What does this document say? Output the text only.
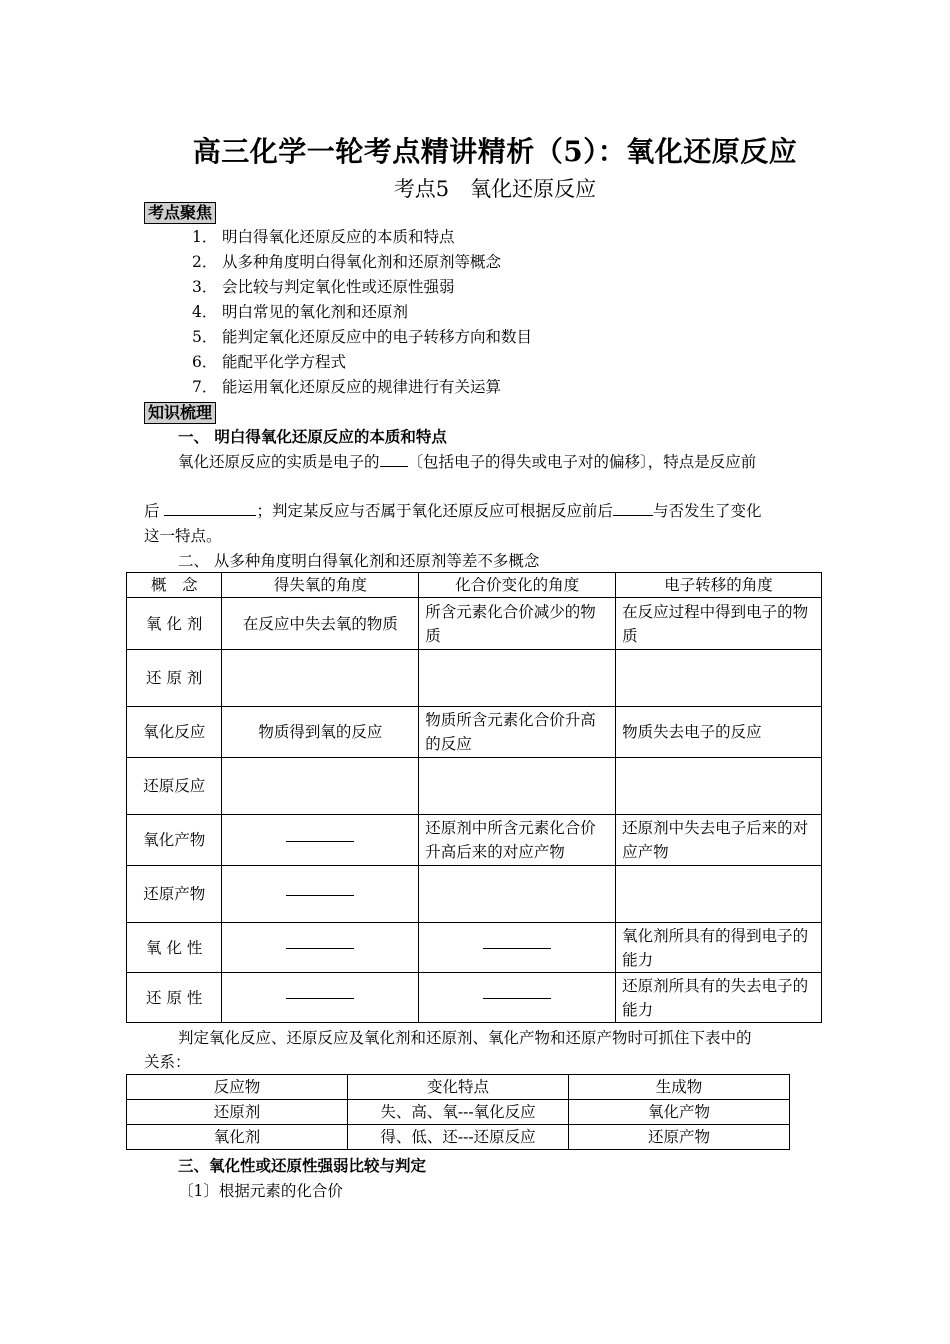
高三化学一轮考点精讲精析（5）：氧化还原反应
考点5　氧化还原反应
考点聚焦
1． 明白得氧化还原反应的本质和特点
2． 从多种角度明白得氧化剂和还原剂等概念
3． 会比较与判定氧化性或还原性强弱
4． 明白常见的氧化剂和还原剂
5． 能判定氧化还原反应中的电子转移方向和数目
6． 能配平化学方程式
7． 能运用氧化还原反应的规律进行有关运算
知识梳理
一、 明白得氧化还原反应的本质和特点
氧化还原反应的实质是电子的 〔包括电子的得失或电子对的偏移〕，特点是反应前
后	；判定某反应与否属于氧化还原反应可根据反应前后	与否发生了变化
这一特点。
二、 从多种角度明白得氧化剂和还原剂等差不多概念
概　念	得失氧的角度	化合价变化的角度	电子转移的角度
氧 化 剂	在反应中失去氧的物质	所含元素化合价减少的物质	在反应过程中得到电子的物质
还 原 剂			
氧化反应	物质得到氧的反应	物质所含元素化合价升高的反应	物质失去电子的反应
还原反应			
氧化产物		还原剂中所含元素化合价升高后来的对应产物	还原剂中失去电子后来的对应产物
还原产物			
氧 化 性			氧化剂所具有的得到电子的能力
还 原 性			还原剂所具有的失去电子的能力
判定氧化反应、还原反应及氧化剂和还原剂、氧化产物和还原产物时可抓住下表中的
关系：
反应物	变化特点	生成物
还原剂	失、高、氧---氧化反应	氧化产物
氧化剂	得、低、还---还原反应	还原产物
三、氧化性或还原性强弱比较与判定
〔1〕根据元素的化合价
